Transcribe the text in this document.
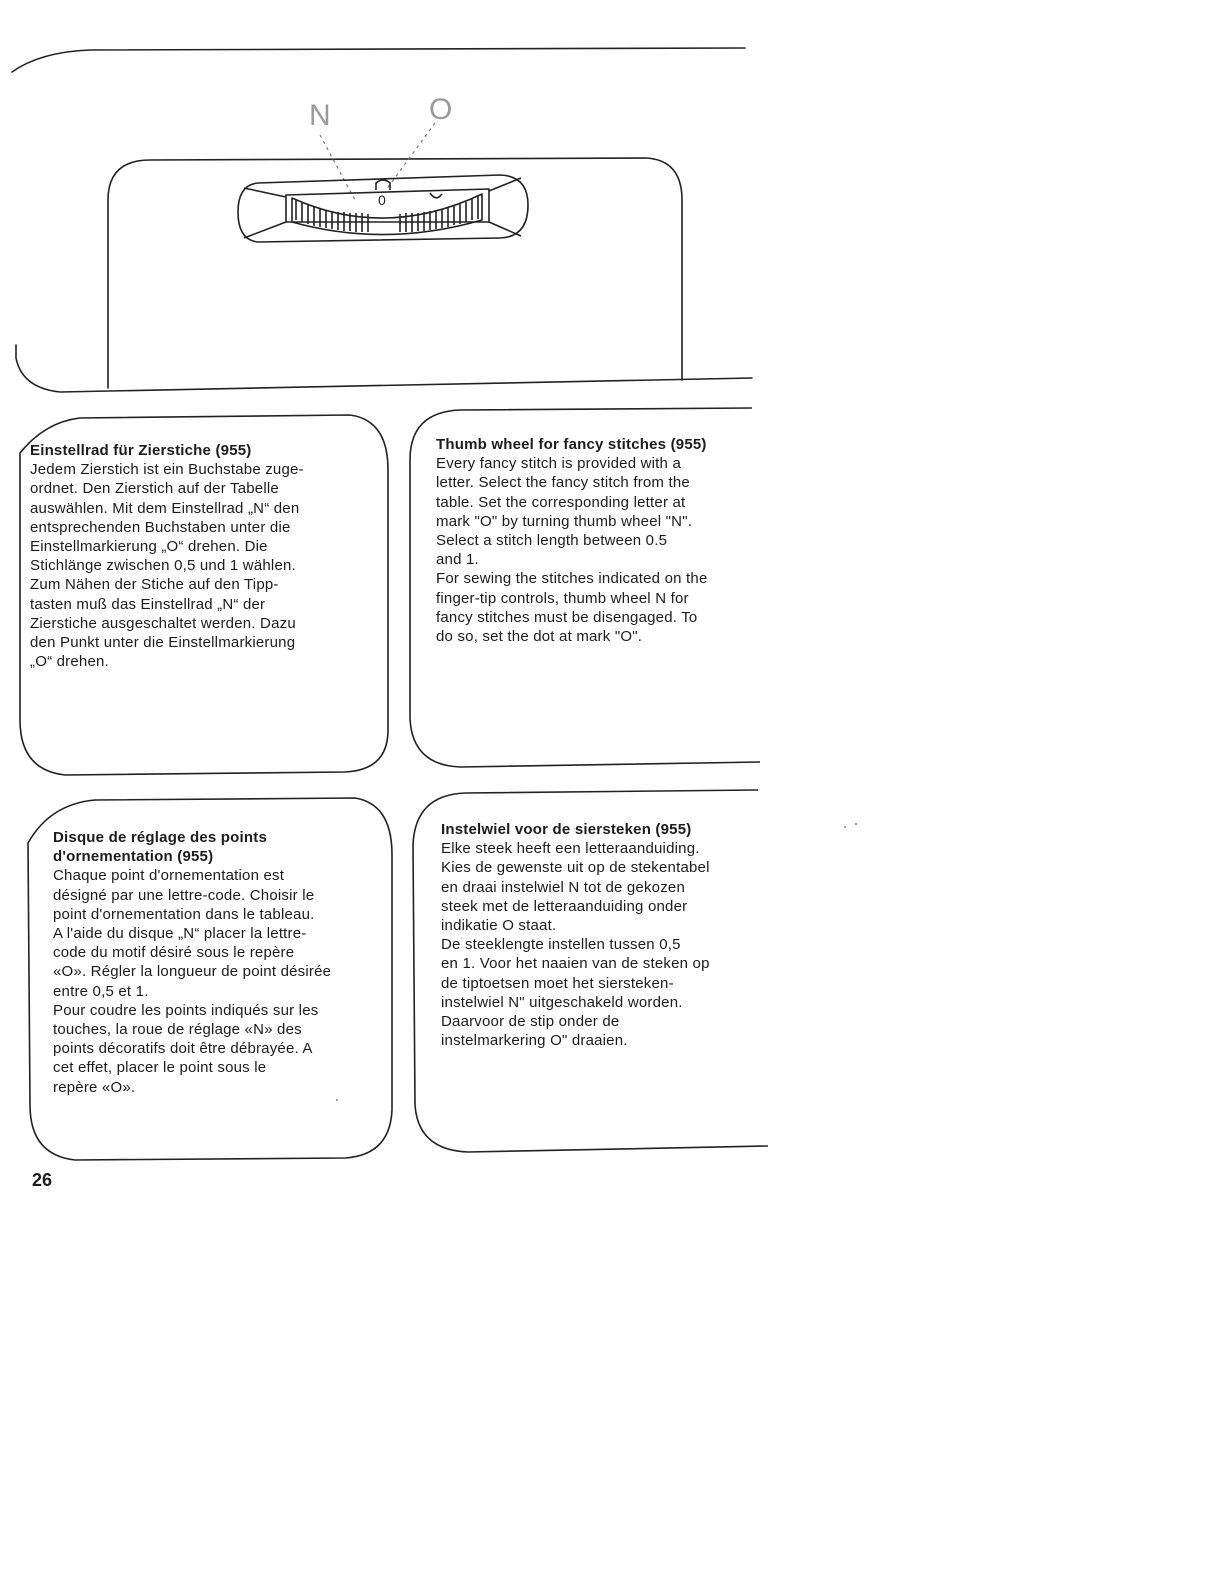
N	O
0
Einstellrad für Zierstiche (955)

Jedem Zierstich ist ein Buchstabe zuge-
ordnet. Den Zierstich auf der Tabelle
auswählen. Mit dem Einstellrad „N“ den
entsprechenden Buchstaben unter die
Einstellmarkierung „O“ drehen. Die
Stichlänge zwischen 0,5 und 1 wählen.
Zum Nähen der Stiche auf den Tipp-
tasten muß das Einstellrad „N“ der
Zierstiche ausgeschaltet werden. Dazu
den Punkt unter die Einstellmarkierung
„O“ drehen.

Thumb wheel for fancy stitches (955)

Every fancy stitch is provided with a
letter. Select the fancy stitch from the
table. Set the corresponding letter at
mark "O" by turning thumb wheel "N".
Select a stitch length between 0.5
and 1.
For sewing the stitches indicated on the
finger-tip controls, thumb wheel N for
fancy stitches must be disengaged. To
do so, set the dot at mark "O".

Disque de réglage des points
d'ornementation (955)

Chaque point d'ornementation est
désigné par une lettre-code. Choisir le
point d'ornementation dans le tableau.
A l'aide du disque „N“ placer la lettre-
code du motif désiré sous le repère
«O». Régler la longueur de point désirée
entre 0,5 et 1.
Pour coudre les points indiqués sur les
touches, la roue de réglage «N» des
points décoratifs doit être débrayée. A
cet effet, placer le point sous le
repère «O».

Instelwiel voor de siersteken (955)

Elke steek heeft een letteraanduiding.
Kies de gewenste uit op de stekentabel
en draai instelwiel N tot de gekozen
steek met de letteraanduiding onder
indikatie O staat.
De steeklengte instellen tussen 0,5
en 1. Voor het naaien van de steken op
de tiptoetsen moet het siersteken-
instelwiel N" uitgeschakeld worden.
Daarvoor de stip onder de
instelmarkering O" draaien.

26
